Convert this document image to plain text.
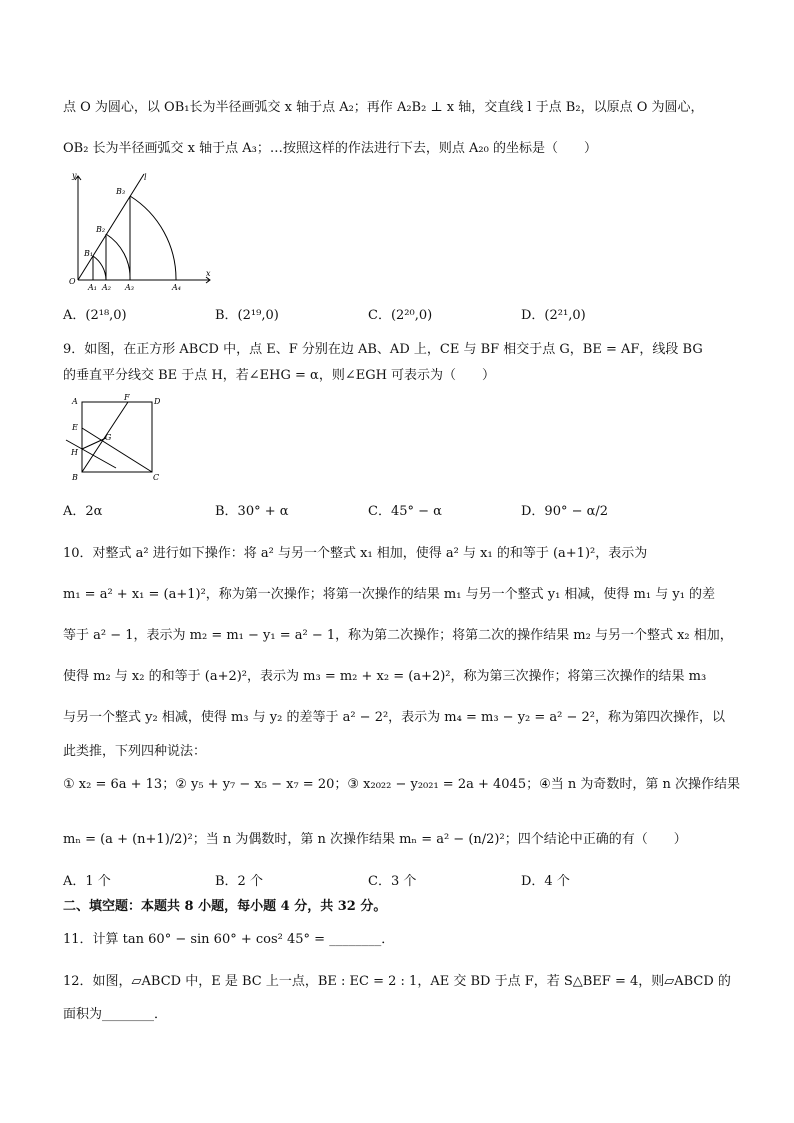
点 O 为圆心，以 OB₁长为半径画弧交 x 轴于点 A₂；再作 A₂B₂ ⊥ x 轴，交直线 l 于点 B₂，以原点 O 为圆心，
OB₂ 长为半径画弧交 x 轴于点 A₃；…按照这样的作法进行下去，则点 A₂₀ 的坐标是（　　）
y
x
l
O
A₁ A₂ A₃	A₄
B₁
B₂
B₃
A．(2¹⁸,0)	B．(2¹⁹,0)	C．(2²⁰,0)	D．(2²¹,0)
9．如图，在正方形 ABCD 中，点 E、F 分别在边 AB、AD 上，CE 与 BF 相交于点 G，BE = AF，线段 BG
的垂直平分线交 BE 于点 H，若∠EHG = α，则∠EGH 可表示为（　　）
A
B	C
D
E
F
G
H
A．2α	B．30° + α	C．45° − α	D．90° − α/2
10．对整式 a² 进行如下操作：将 a² 与另一个整式 x₁ 相加，使得 a² 与 x₁ 的和等于 (a+1)²，表示为
m₁ = a² + x₁ = (a+1)²，称为第一次操作；将第一次操作的结果 m₁ 与另一个整式 y₁ 相减，使得 m₁ 与 y₁ 的差
等于 a² − 1，表示为 m₂ = m₁ − y₁ = a² − 1，称为第二次操作；将第二次的操作结果 m₂ 与另一个整式 x₂ 相加，
使得 m₂ 与 x₂ 的和等于 (a+2)²，表示为 m₃ = m₂ + x₂ = (a+2)²，称为第三次操作；将第三次操作的结果 m₃
与另一个整式 y₂ 相减，使得 m₃ 与 y₂ 的差等于 a² − 2²，表示为 m₄ = m₃ − y₂ = a² − 2²，称为第四次操作，以
此类推，下列四种说法：
① x₂ = 6a + 13；② y₅ + y₇ − x₅ − x₇ = 20；③ x₂₀₂₂ − y₂₀₂₁ = 2a + 4045；④当 n 为奇数时，第 n 次操作结果
mₙ = (a + (n+1)/2)²；当 n 为偶数时，第 n 次操作结果 mₙ = a² − (n/2)²；四个结论中正确的有（　　）
A．1 个	B．2 个	C．3 个	D．4 个
二、填空题：本题共 8 小题，每小题 4 分，共 32 分。
11．计算 tan 60° − sin 60° + cos² 45° = ________．
12．如图，▱ABCD 中，E 是 BC 上一点，BE : EC = 2 : 1，AE 交 BD 于点 F，若 S△BEF = 4，则▱ABCD 的
面积为________．
